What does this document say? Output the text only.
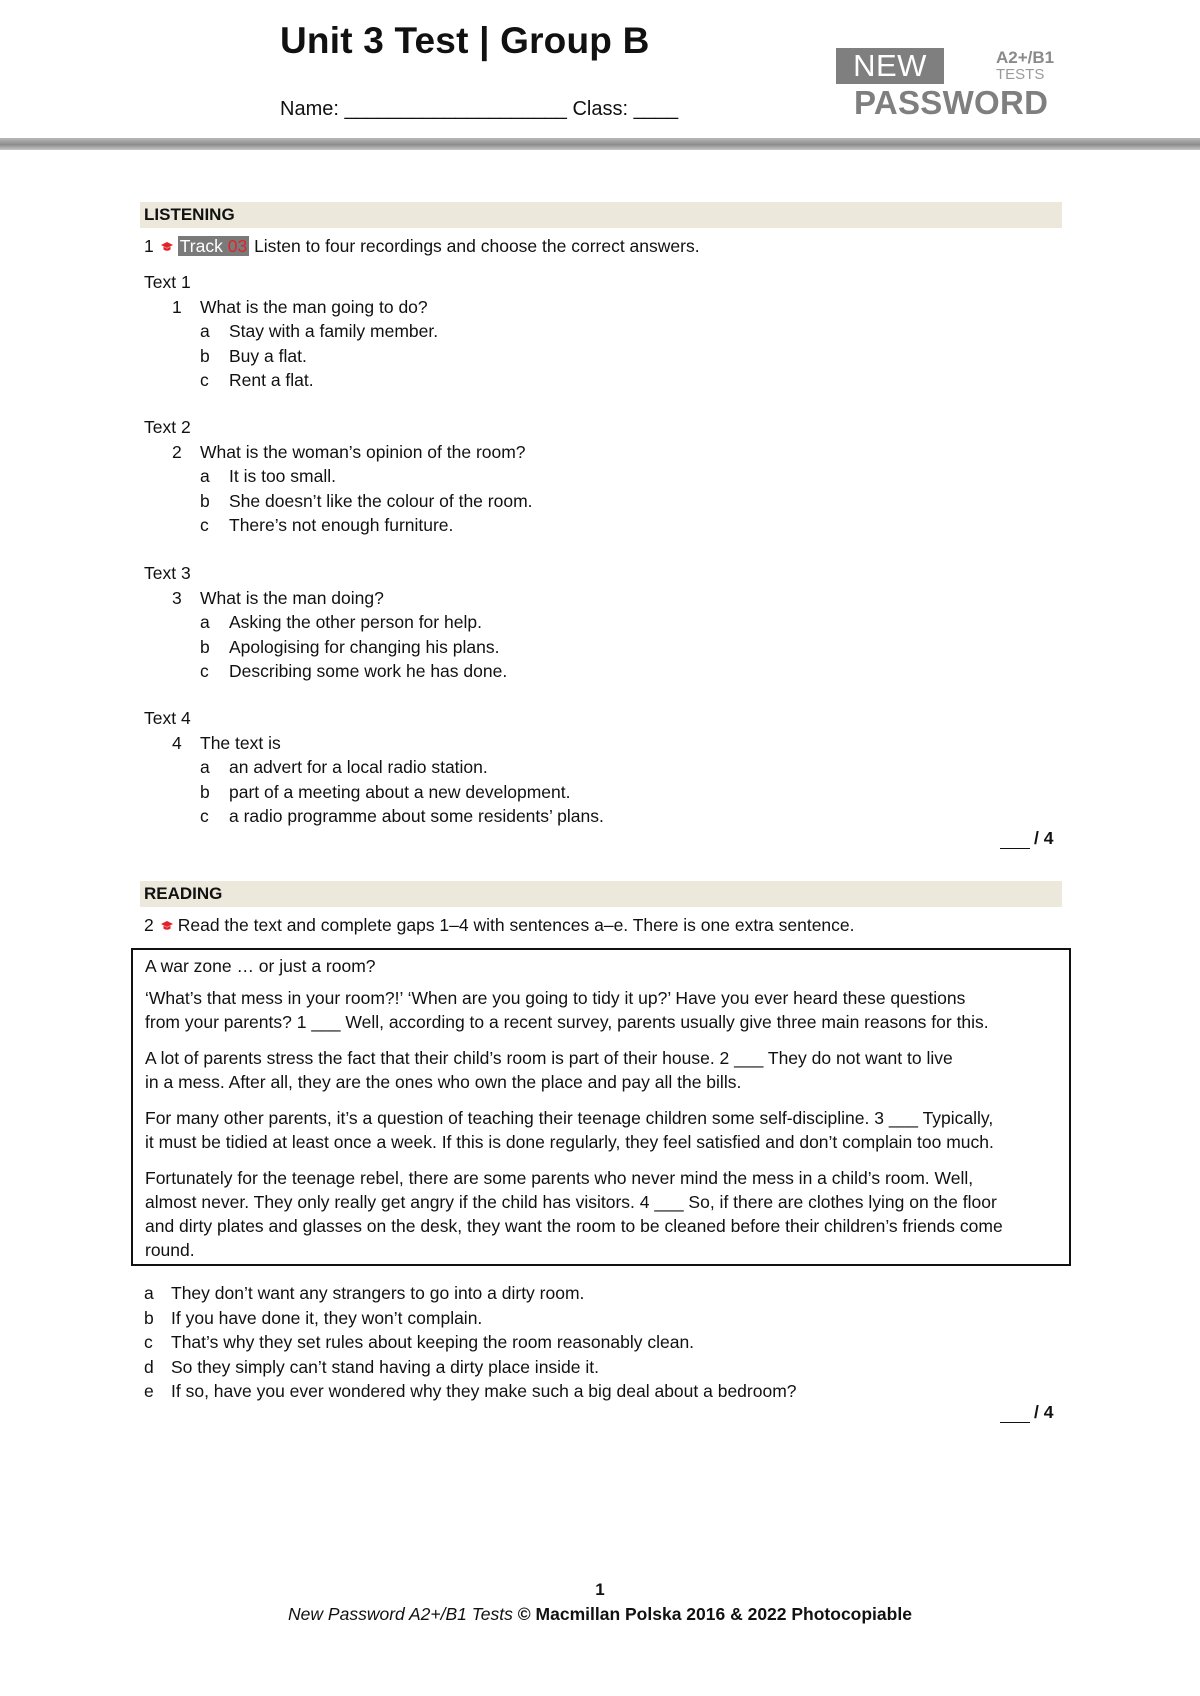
Unit 3 Test | Group B
Name: ____________________ Class: ____
NEW	A2+/B1
TESTS
PASSWORD
LISTENING
1 Track 03 Listen to four recordings and choose the correct answers.
Text 1
1 What is the man going to do?
a Stay with a family member.
b Buy a flat.
c Rent a flat.
Text 2
2 What is the woman’s opinion of the room?
a It is too small.
b She doesn’t like the colour of the room.
c There’s not enough furniture.
Text 3
3 What is the man doing?
a Asking the other person for help.
b Apologising for changing his plans.
c Describing some work he has done.
Text 4
4 The text is
a an advert for a local radio station.
b part of a meeting about a new development.
c a radio programme about some residents’ plans.
/ 4
READING
2 Read the text and complete gaps 1–4 with sentences a–e. There is one extra sentence.
A war zone … or just a room?
‘What’s that mess in your room?!’ ‘When are you going to tidy it up?’ Have you ever heard these questions
from your parents? 1 ___ Well, according to a recent survey, parents usually give three main reasons for this.
A lot of parents stress the fact that their child’s room is part of their house. 2 ___ They do not want to live
in a mess. After all, they are the ones who own the place and pay all the bills.
For many other parents, it’s a question of teaching their teenage children some self-discipline. 3 ___ Typically,
it must be tidied at least once a week. If this is done regularly, they feel satisfied and don’t complain too much.
Fortunately for the teenage rebel, there are some parents who never mind the mess in a child’s room. Well,
almost never. They only really get angry if the child has visitors. 4 ___ So, if there are clothes lying on the floor
and dirty plates and glasses on the desk, they want the room to be cleaned before their children’s friends come
round.
a They don’t want any strangers to go into a dirty room.
b If you have done it, they won’t complain.
c That’s why they set rules about keeping the room reasonably clean.
d So they simply can’t stand having a dirty place inside it.
e If so, have you ever wondered why they make such a big deal about a bedroom?
/ 4
1
New Password A2+/B1 Tests © Macmillan Polska 2016 & 2022 Photocopiable
